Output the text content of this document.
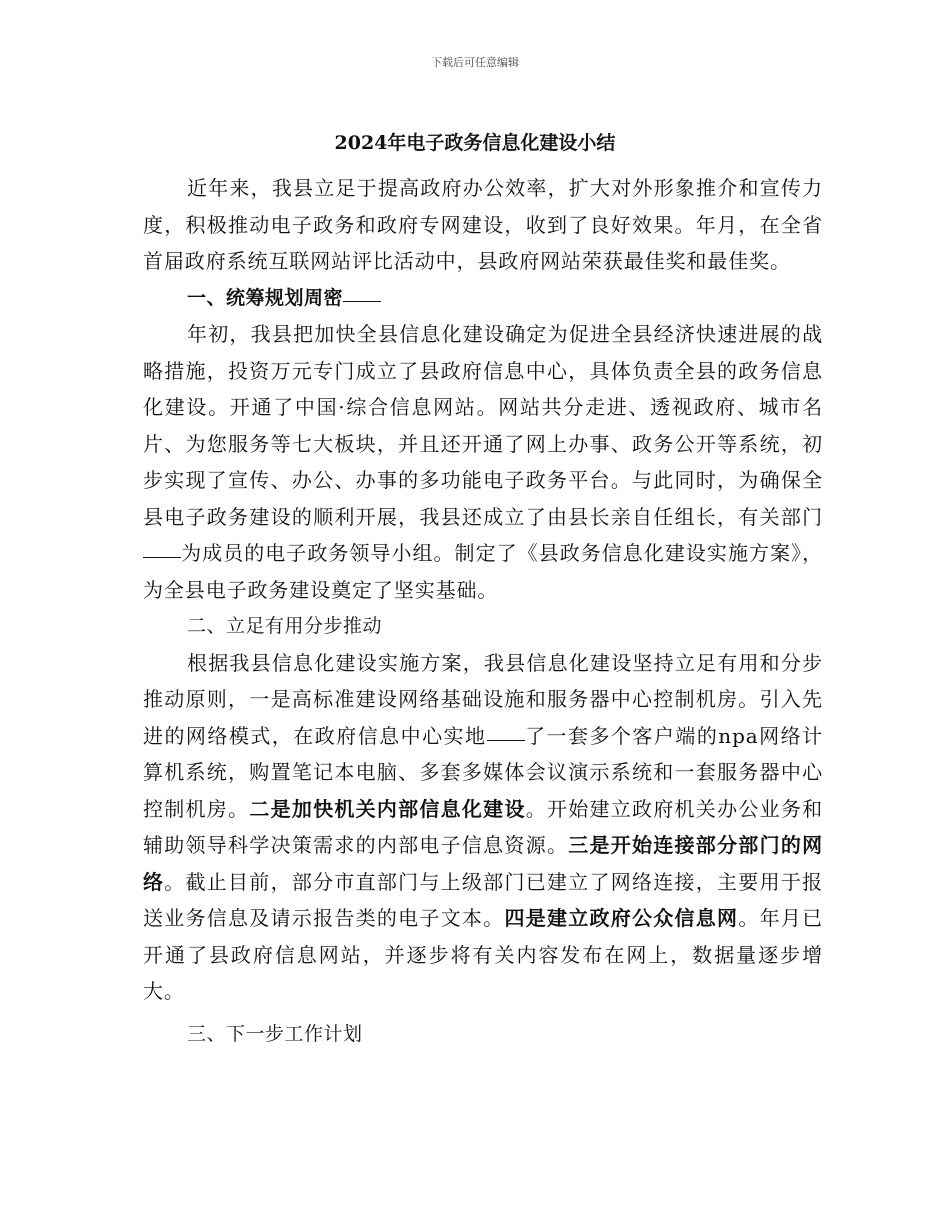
下载后可任意编辑
2024年电子政务信息化建设小结

近年来，我县立足于提高政府办公效率，扩大对外形象推介和宣传力度，积极推动电子政务和政府专网建设，收到了良好效果。年月，在全省首届政府系统互联网站评比活动中，县政府网站荣获最佳奖和最佳奖。

一、统筹规划周密

年初，我县把加快全县信息化建设确定为促进全县经济快速进展的战略措施，投资万元专门成立了县政府信息中心，具体负责全县的政务信息化建设。开通了中国·综合信息网站。网站共分走进、透视政府、城市名片、为您服务等七大板块，并且还开通了网上办事、政务公开等系统，初步实现了宣传、办公、办事的多功能电子政务平台。与此同时，为确保全县电子政务建设的顺利开展，我县还成立了由县长亲自任组长，有关部门为成员的电子政务领导小组。制定了《县政务信息化建设实施方案》，为全县电子政务建设奠定了坚实基础。

二、立足有用分步推动

根据我县信息化建设实施方案，我县信息化建设坚持立足有用和分步推动原则，一是高标准建设网络基础设施和服务器中心控制机房。引入先进的网络模式，在政府信息中心实地 了一套多个客户端的npa网络计算机系统，购置笔记本电脑、多套多媒体会议演示系统和一套服务器中心控制机房。二是加快机关内部信息化建设。开始建立政府机关办公业务和辅助领导科学决策需求的内部电子信息资源。三是开始连接部分部门的网络。截止目前，部分市直部门与上级部门已建立了网络连接，主要用于报送业务信息及请示报告类的电子文本。四是建立政府公众信息网。年月已开通了县政府信息网站，并逐步将有关内容发布在网上，数据量逐步增大。

三、下一步工作计划
